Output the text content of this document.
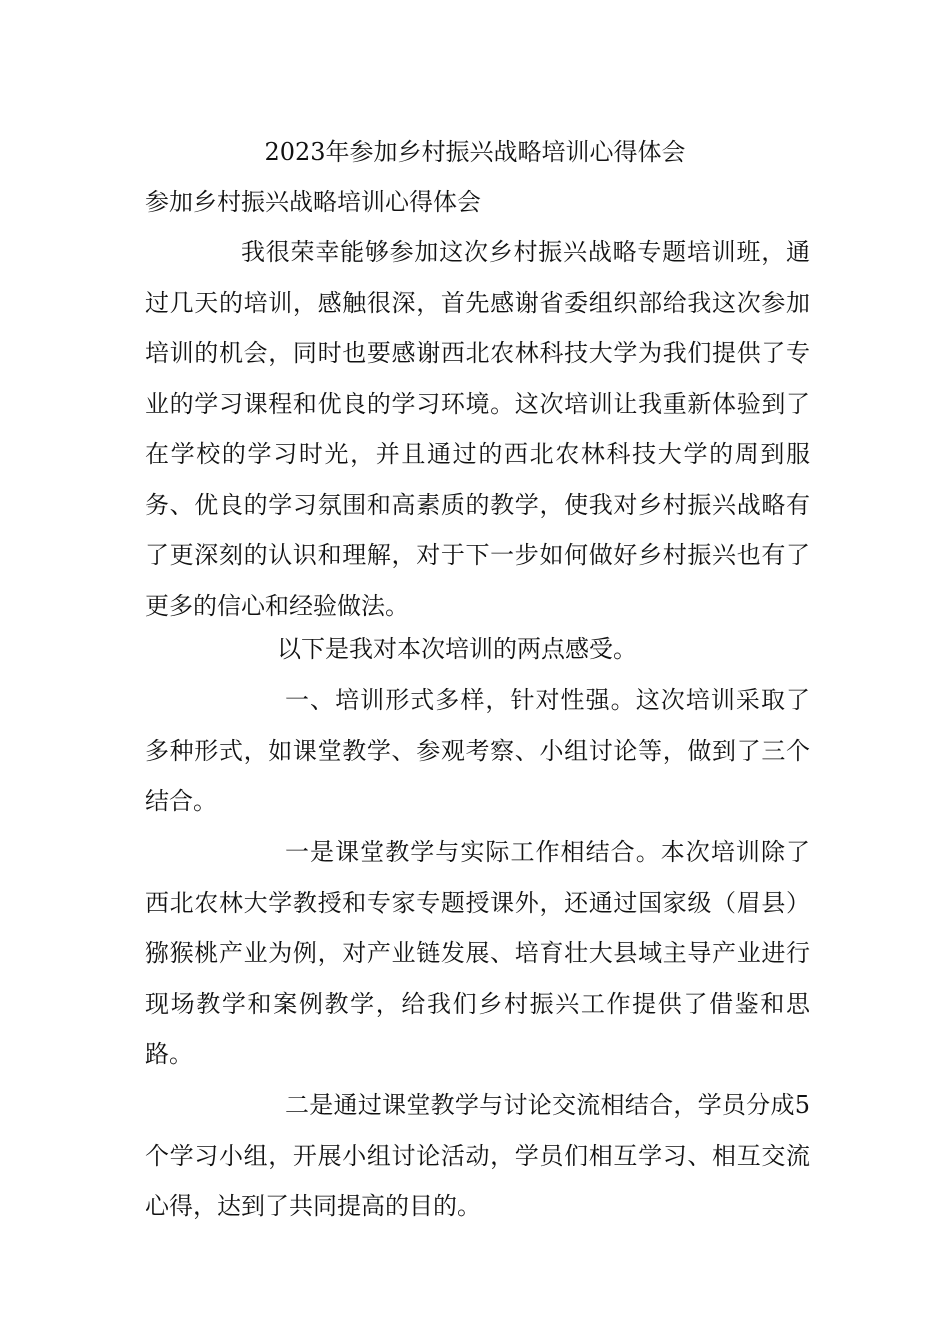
2023年参加乡村振兴战略培训心得体会
参加乡村振兴战略培训心得体会

我很荣幸能够参加这次乡村振兴战略专题培训班，通过几天的培训，感触很深，首先感谢省委组织部给我这次参加培训的机会，同时也要感谢西北农林科技大学为我们提供了专业的学习课程和优良的学习环境。这次培训让我重新体验到了在学校的学习时光，并且通过的西北农林科技大学的周到服务、优良的学习氛围和高素质的教学，使我对乡村振兴战略有了更深刻的认识和理解，对于下一步如何做好乡村振兴也有了更多的信心和经验做法。

以下是我对本次培训的两点感受。

一、培训形式多样，针对性强。这次培训采取了多种形式，如课堂教学、参观考察、小组讨论等，做到了三个结合。

一是课堂教学与实际工作相结合。本次培训除了西北农林大学教授和专家专题授课外，还通过国家级（眉县）猕猴桃产业为例，对产业链发展、培育壮大县域主导产业进行现场教学和案例教学，给我们乡村振兴工作提供了借鉴和思路。

二是通过课堂教学与讨论交流相结合，学员分成5个学习小组，开展小组讨论活动，学员们相互学习、相互交流心得，达到了共同提高的目的。
